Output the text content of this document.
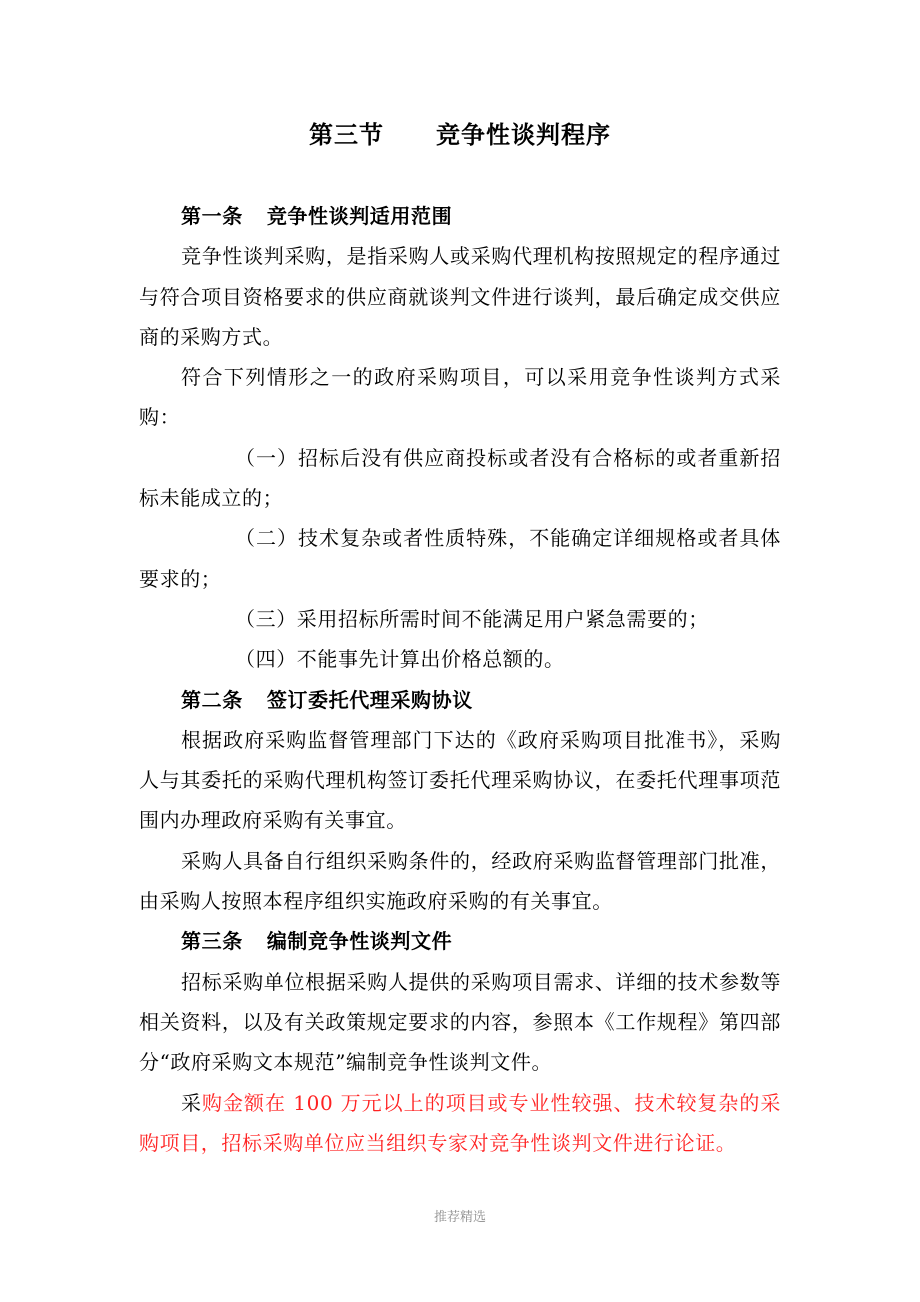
第三节 竞争性谈判程序

第一条 竞争性谈判适用范围

竞争性谈判采购，是指采购人或采购代理机构按照规定的程序通过与符合项目资格要求的供应商就谈判文件进行谈判，最后确定成交供应商的采购方式。

符合下列情形之一的政府采购项目，可以采用竞争性谈判方式采购：

（一）招标后没有供应商投标或者没有合格标的或者重新招标未能成立的；

（二）技术复杂或者性质特殊，不能确定详细规格或者具体要求的；

（三）采用招标所需时间不能满足用户紧急需要的；

（四）不能事先计算出价格总额的。

第二条 签订委托代理采购协议

根据政府采购监督管理部门下达的《政府采购项目批准书》，采购人与其委托的采购代理机构签订委托代理采购协议，在委托代理事项范围内办理政府采购有关事宜。

采购人具备自行组织采购条件的，经政府采购监督管理部门批准，由采购人按照本程序组织实施政府采购的有关事宜。

第三条 编制竞争性谈判文件

招标采购单位根据采购人提供的采购项目需求、详细的技术参数等相关资料，以及有关政策规定要求的内容，参照本《工作规程》第四部分“政府采购文本规范”编制竞争性谈判文件。

采购金额在 100 万元以上的项目或专业性较强、技术较复杂的采购项目，招标采购单位应当组织专家对竞争性谈判文件进行论证。

推荐精选
